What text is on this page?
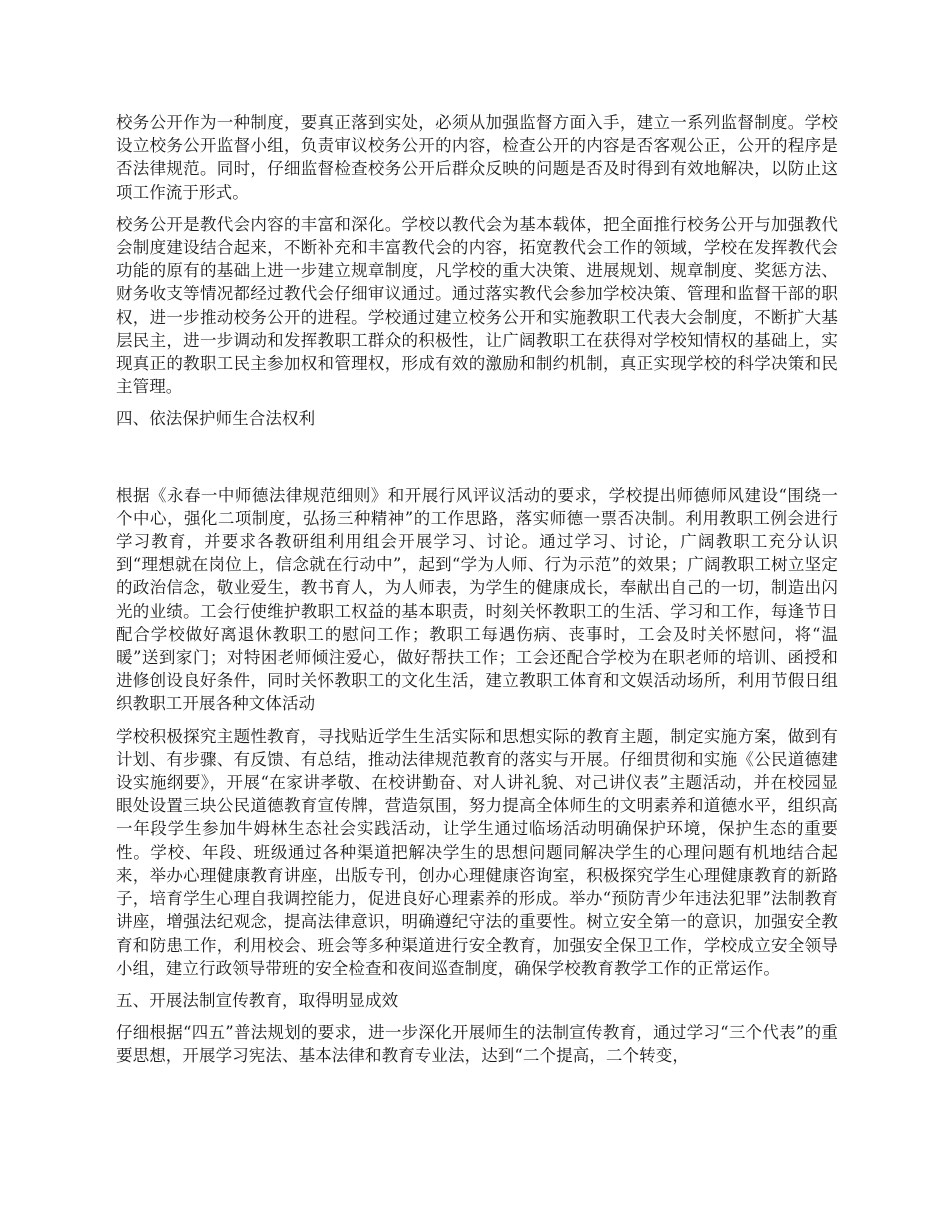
校务公开作为一种制度，要真正落到实处，必须从加强监督方面入手，建立一系列监督制度。学校设立校务公开监督小组，负责审议校务公开的内容，检查公开的内容是否客观公正，公开的程序是否法律规范。同时，仔细监督检查校务公开后群众反映的问题是否及时得到有效地解决，以防止这项工作流于形式。

校务公开是教代会内容的丰富和深化。学校以教代会为基本载体，把全面推行校务公开与加强教代会制度建设结合起来，不断补充和丰富教代会的内容，拓宽教代会工作的领域，学校在发挥教代会功能的原有的基础上进一步建立规章制度，凡学校的重大决策、进展规划、规章制度、奖惩方法、财务收支等情况都经过教代会仔细审议通过。通过落实教代会参加学校决策、管理和监督干部的职权，进一步推动校务公开的进程。学校通过建立校务公开和实施教职工代表大会制度，不断扩大基层民主，进一步调动和发挥教职工群众的积极性，让广阔教职工在获得对学校知情权的基础上，实现真正的教职工民主参加权和管理权，形成有效的激励和制约机制，真正实现学校的科学决策和民主管理。

四、依法保护师生合法权利

根据《永春一中师德法律规范细则》和开展行风评议活动的要求，学校提出师德师风建设“围绕一个中心，强化二项制度，弘扬三种精神”的工作思路，落实师德一票否决制。利用教职工例会进行学习教育，并要求各教研组利用组会开展学习、讨论。通过学习、讨论，广阔教职工充分认识到“理想就在岗位上，信念就在行动中”，起到“学为人师、行为示范”的效果；广阔教职工树立坚定的政治信念，敬业爱生，教书育人，为人师表，为学生的健康成长，奉献出自己的一切，制造出闪光的业绩。工会行使维护教职工权益的基本职责，时刻关怀教职工的生活、学习和工作，每逢节日配合学校做好离退休教职工的慰问工作；教职工每遇伤病、丧事时，工会及时关怀慰问，将“温暖”送到家门；对特困老师倾注爱心，做好帮扶工作；工会还配合学校为在职老师的培训、函授和进修创设良好条件，同时关怀教职工的文化生活，建立教职工体育和文娱活动场所，利用节假日组织教职工开展各种文体活动

学校积极探究主题性教育，寻找贴近学生生活实际和思想实际的教育主题，制定实施方案，做到有计划、有步骤、有反馈、有总结，推动法律规范教育的落实与开展。仔细贯彻和实施《公民道德建设实施纲要》，开展“在家讲孝敬、在校讲勤奋、对人讲礼貌、对己讲仪表”主题活动，并在校园显眼处设置三块公民道德教育宣传牌，营造氛围，努力提高全体师生的文明素养和道德水平，组织高一年段学生参加牛姆林生态社会实践活动，让学生通过临场活动明确保护环境，保护生态的重要性。学校、年段、班级通过各种渠道把解决学生的思想问题同解决学生的心理问题有机地结合起来，举办心理健康教育讲座，出版专刊，创办心理健康咨询室，积极探究学生心理健康教育的新路子，培育学生心理自我调控能力，促进良好心理素养的形成。举办“预防青少年违法犯罪”法制教育讲座，增强法纪观念，提高法律意识，明确遵纪守法的重要性。树立安全第一的意识，加强安全教育和防患工作，利用校会、班会等多种渠道进行安全教育，加强安全保卫工作，学校成立安全领导小组，建立行政领导带班的安全检查和夜间巡查制度，确保学校教育教学工作的正常运作。

五、开展法制宣传教育，取得明显成效

仔细根据“四五”普法规划的要求，进一步深化开展师生的法制宣传教育，通过学习“三个代表”的重要思想，开展学习宪法、基本法律和教育专业法，达到“二个提高，二个转变，
